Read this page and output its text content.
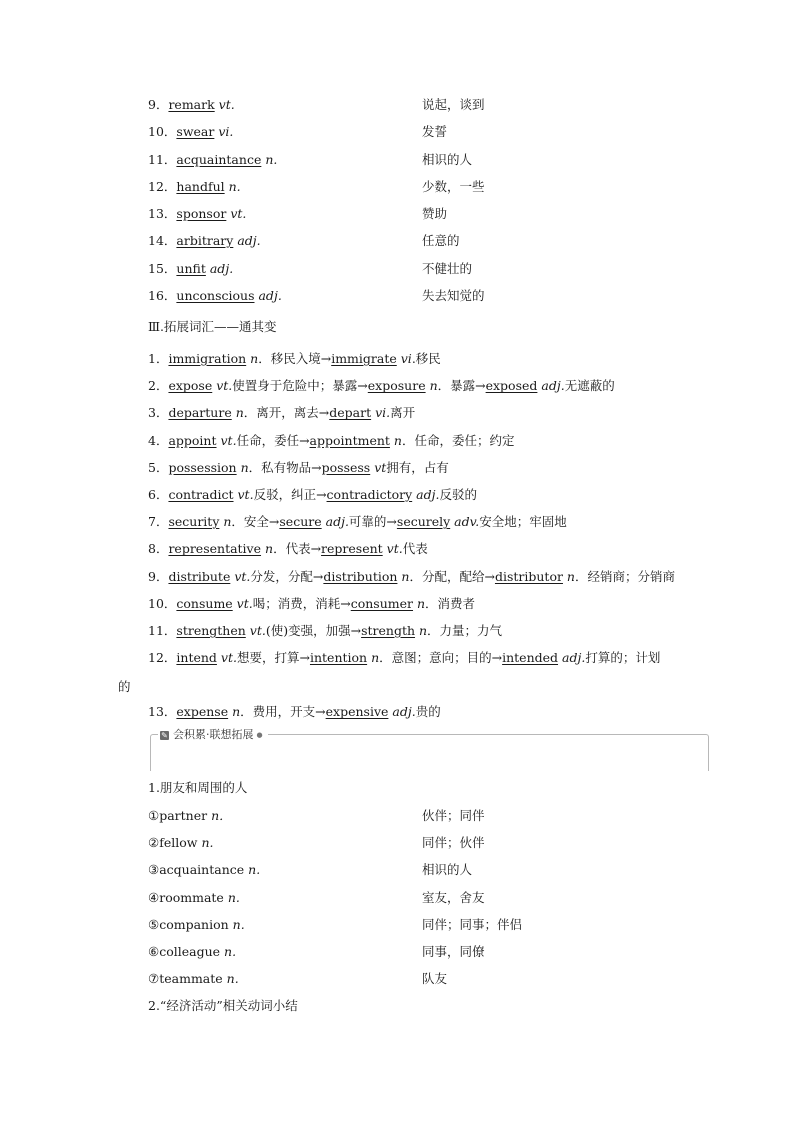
9．remark vt.	说起，谈到
10．swear vi.	发誓
11．acquaintance n.	相识的人
12．handful n.	少数，一些
13．sponsor vt.	赞助
14．arbitrary adj.	任意的
15．unfit adj.	不健壮的
16．unconscious adj.	失去知觉的
Ⅲ.拓展词汇——通其变
1．immigration n．移民入境→immigrate vi.移民
2．expose vt.使置身于危险中；暴露→exposure n．暴露→exposed adj.无遮蔽的
3．departure n．离开，离去→depart vi.离开
4．appoint vt.任命，委任→appointment n．任命，委任；约定
5．possession n．私有物品→possess vt拥有，占有
6．contradict vt.反驳，纠正→contradictory adj.反驳的
7．security n．安全→secure adj.可靠的→securely adv.安全地；牢固地
8．representative n．代表→represent vt.代表
9．distribute vt.分发，分配→distribution n．分配，配给→distributor n．经销商；分销商
10．consume vt.喝；消费，消耗→consumer n．消费者
11．strengthen vt.(使)变强，加强→strength n．力量；力气
12．intend vt.想要，打算→intention n．意图；意向；目的→intended adj.打算的；计划
13．expense n．费用，开支→expensive adj.贵的
的
✎ 会积累·联想拓展 ●
1.朋友和周围的人
①partner n．	伙伴；同伴
②fellow n.	同伴；伙伴
③acquaintance n.	相识的人
④roommate n.	室友，舍友
⑤companion n.	同伴；同事；伴侣
⑥colleague n.	同事，同僚
⑦teammate n.	队友
2.“经济活动”相关动词小结
